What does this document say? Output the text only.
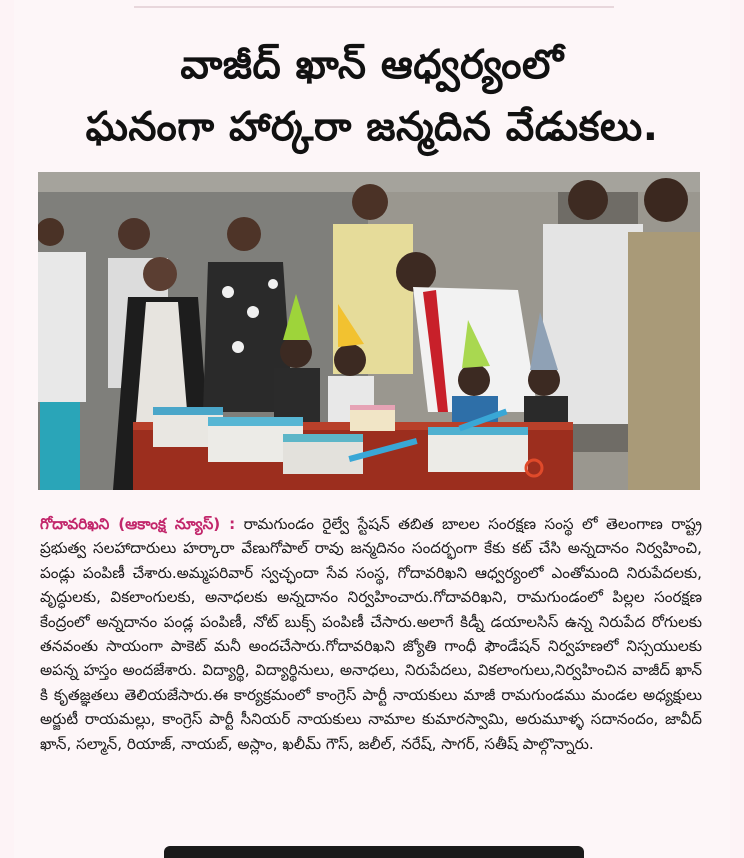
వాజీద్ ఖాన్ ఆధ్వర్యంలో
ఘనంగా హార్కరా జన్మదిన వేడుకలు.
గోదావరిఖని (ఆకాంక్ష న్యూస్) : రామగుండం రైల్వే స్టేషన్ తబిత బాలల సంరక్షణ సంస్థ లో తెలంగాణ రాష్ట్ర ప్రభుత్వ సలహాదారులు హర్కారా వేణుగోపాల్ రావు జన్మదినం సందర్భంగా కేకు కట్ చేసి అన్నదానం నిర్వహించి, పండ్లు పంపిణీ చేశారు.అమ్మపరివార్ స్వచ్ఛందా సేవ సంస్థ, గోదావరిఖని ఆధ్వర్యంలో ఎంతోమంది నిరుపేదలకు, వృద్ధులకు, వికలాంగులకు, అనాధలకు అన్నదానం నిర్వహించారు.గోదావరిఖని, రామగుండంలో పిల్లల సంరక్షణ కేంద్రంలో అన్నదానం పండ్ల పంపిణీ, నోట్ బుక్స్ పంపిణీ చేసారు.అలాగే కిడ్నీ డయాలసిస్ ఉన్న నిరుపేద రోగులకు తనవంతు సాయంగా పాకెట్ మనీ అందచేసారు.గోదావరిఖని జ్యోతి గాంధీ ఫౌండేషన్ నిర్వహణలో నిస్సయులకు అపన్న హస్తం అందజేశారు. విద్యార్థి, విద్యార్థినులు, అనాధలు, నిరుపేదలు, వికలాంగులు,నిర్వహించిన వాజీద్ ఖాన్ కి కృతజ్ఞతలు తెలియజేసారు.ఈ కార్యక్రమంలో కాంగ్రెస్ పార్టీ నాయకులు మాజీ రామగుండము మండల అధ్యక్షులు అర్జుటీ రాయమల్లు, కాంగ్రెస్ పార్టీ సీనియర్ నాయకులు నామాల కుమారస్వామి, అరుమూళ్ళ సదానందం, జావీద్ ఖాన్, సల్మాన్, రియాజ్, నాయబ్, అస్లాం, ఖలీమ్ గౌస్, జలీల్, నరేష్, సాగర్, సతీష్ పాల్గొన్నారు.
